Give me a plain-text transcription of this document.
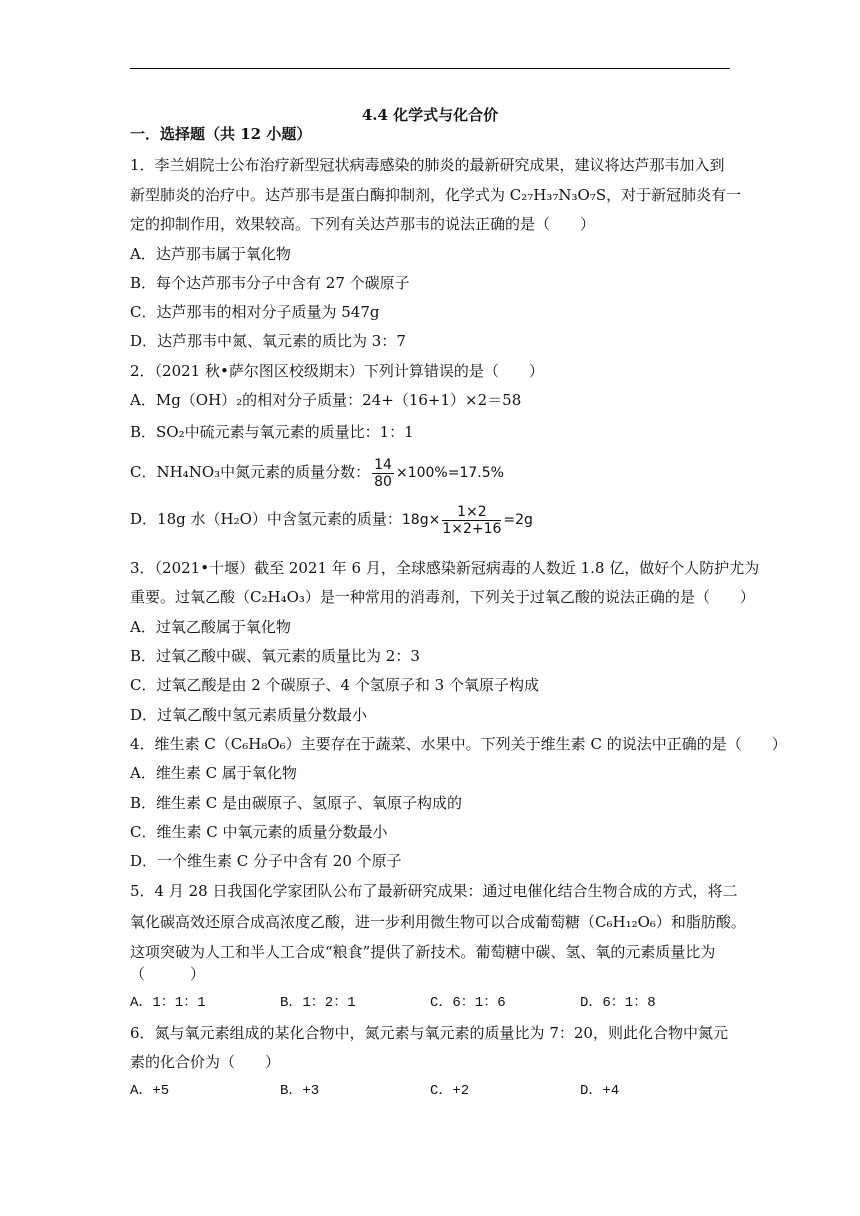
4.4 化学式与化合价
一．选择题（共 12 小题）
1．李兰娟院士公布治疗新型冠状病毒感染的肺炎的最新研究成果，建议将达芦那韦加入到
新型肺炎的治疗中。达芦那韦是蛋白酶抑制剂，化学式为 C₂₇H₃₇N₃O₇S，对于新冠肺炎有一
定的抑制作用，效果较高。下列有关达芦那韦的说法正确的是（　　）
A．达芦那韦属于氧化物
B．每个达芦那韦分子中含有 27 个碳原子
C．达芦那韦的相对分子质量为 547g
D．达芦那韦中氮、氧元素的质比为 3：7
2．（2021 秋•萨尔图区校级期末）下列计算错误的是（　　）
A．Mg（OH）₂的相对分子质量：24+（16+1）×2＝58
B．SO₂中硫元素与氧元素的质量比：1：1
C．NH₄NO₃中氮元素的质量分数： $\frac{14}{80} \times 100\%=17.5\%$
D．18g 水（H₂O）中含氢元素的质量：$18g\times \frac{1\times 2}{1\times 2+16} =2g$
3．（2021•十堰）截至 2021 年 6 月，全球感染新冠病毒的人数近 1.8 亿，做好个人防护尤为
重要。过氧乙酸（C₂H₄O₃）是一种常用的消毒剂，下列关于过氧乙酸的说法正确的是（　　）
A．过氧乙酸属于氧化物
B．过氧乙酸中碳、氧元素的质量比为 2：3
C．过氧乙酸是由 2 个碳原子、4 个氢原子和 3 个氧原子构成
D．过氧乙酸中氢元素质量分数最小
4．维生素 C（C₆H₈O₆）主要存在于蔬菜、水果中。下列关于维生素 C 的说法中正确的是（　　）
A．维生素 C 属于氧化物
B．维生素 C 是由碳原子、氢原子、氧原子构成的
C．维生素 C 中氧元素的质量分数最小
D．一个维生素 C 分子中含有 20 个原子
5．4 月 28 日我国化学家团队公布了最新研究成果：通过电催化结合生物合成的方式，将二
氧化碳高效还原合成高浓度乙酸，进一步利用微生物可以合成葡萄糖（C₆H₁₂O₆）和脂肪酸。
这项突破为人工和半人工合成“粮食”提供了新技术。葡萄糖中碳、氢、氧的元素质量比为
（　　　）
A．1：1：1	B．1：2：1	C．6：1：6	D．6：1：8
6．氮与氧元素组成的某化合物中，氮元素与氧元素的质量比为 7：20，则此化合物中氮元
素的化合价为（　　）
A．+5	B．+3	C．+2	D．+4
